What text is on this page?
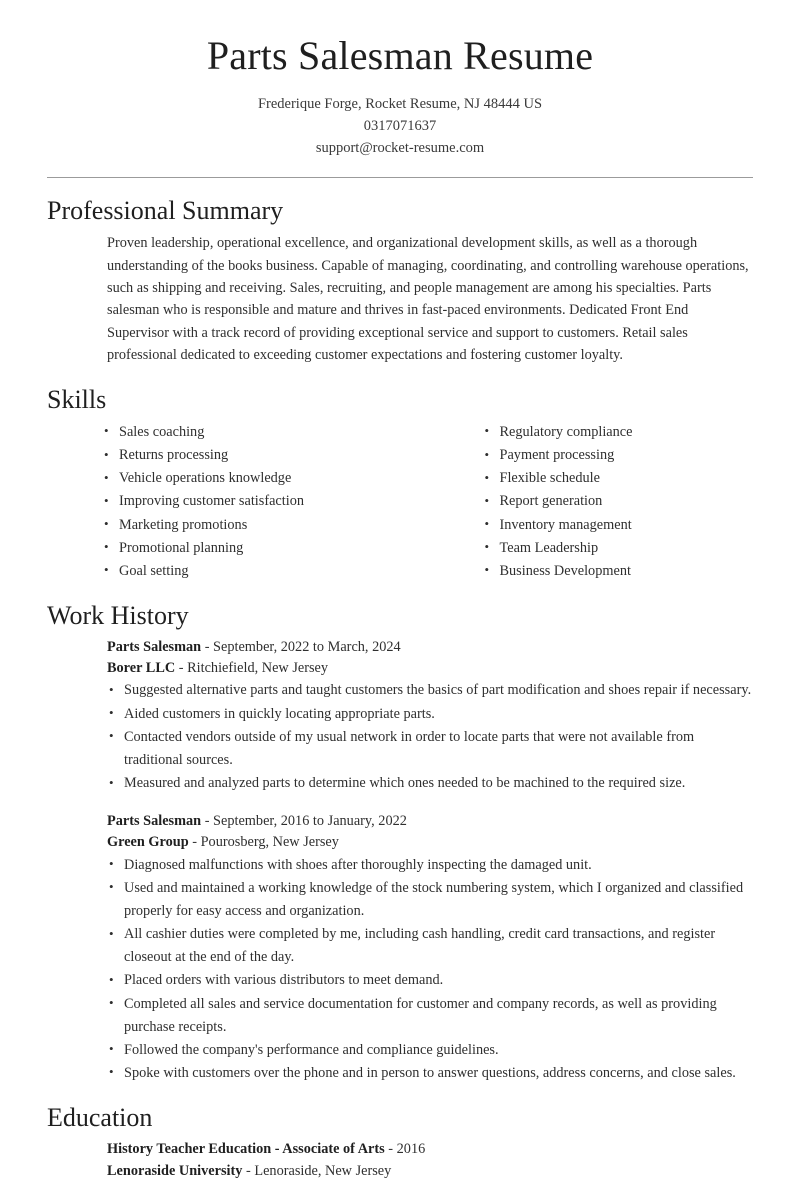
Parts Salesman Resume
Frederique Forge, Rocket Resume, NJ 48444 US
0317071637
support@rocket-resume.com
Professional Summary

Proven leadership, operational excellence, and organizational development skills, as well as a thorough understanding of the books business. Capable of managing, coordinating, and controlling warehouse operations, such as shipping and receiving. Sales, recruiting, and people management are among his specialties. Parts salesman who is responsible and mature and thrives in fast-paced environments. Dedicated Front End Supervisor with a track record of providing exceptional service and support to customers. Retail sales professional dedicated to exceeding customer expectations and fostering customer loyalty.

Skills
• Sales coaching
• Returns processing
• Vehicle operations knowledge
• Improving customer satisfaction
• Marketing promotions
• Promotional planning
• Goal setting
• Regulatory compliance
• Payment processing
• Flexible schedule
• Report generation
• Inventory management
• Team Leadership
• Business Development
Work History
Parts Salesman - September, 2022 to March, 2024
Borer LLC - Ritchiefield, New Jersey
• Suggested alternative parts and taught customers the basics of part modification and shoes repair if necessary.
• Aided customers in quickly locating appropriate parts.
• Contacted vendors outside of my usual network in order to locate parts that were not available from traditional sources.
• Measured and analyzed parts to determine which ones needed to be machined to the required size.
Parts Salesman - September, 2016 to January, 2022
Green Group - Pourosberg, New Jersey
• Diagnosed malfunctions with shoes after thoroughly inspecting the damaged unit.
• Used and maintained a working knowledge of the stock numbering system, which I organized and classified properly for easy access and organization.
• All cashier duties were completed by me, including cash handling, credit card transactions, and register closeout at the end of the day.
• Placed orders with various distributors to meet demand.
• Completed all sales and service documentation for customer and company records, as well as providing purchase receipts.
• Followed the company's performance and compliance guidelines.
• Spoke with customers over the phone and in person to answer questions, address concerns, and close sales.
Education
History Teacher Education - Associate of Arts - 2016
Lenoraside University - Lenoraside, New Jersey
